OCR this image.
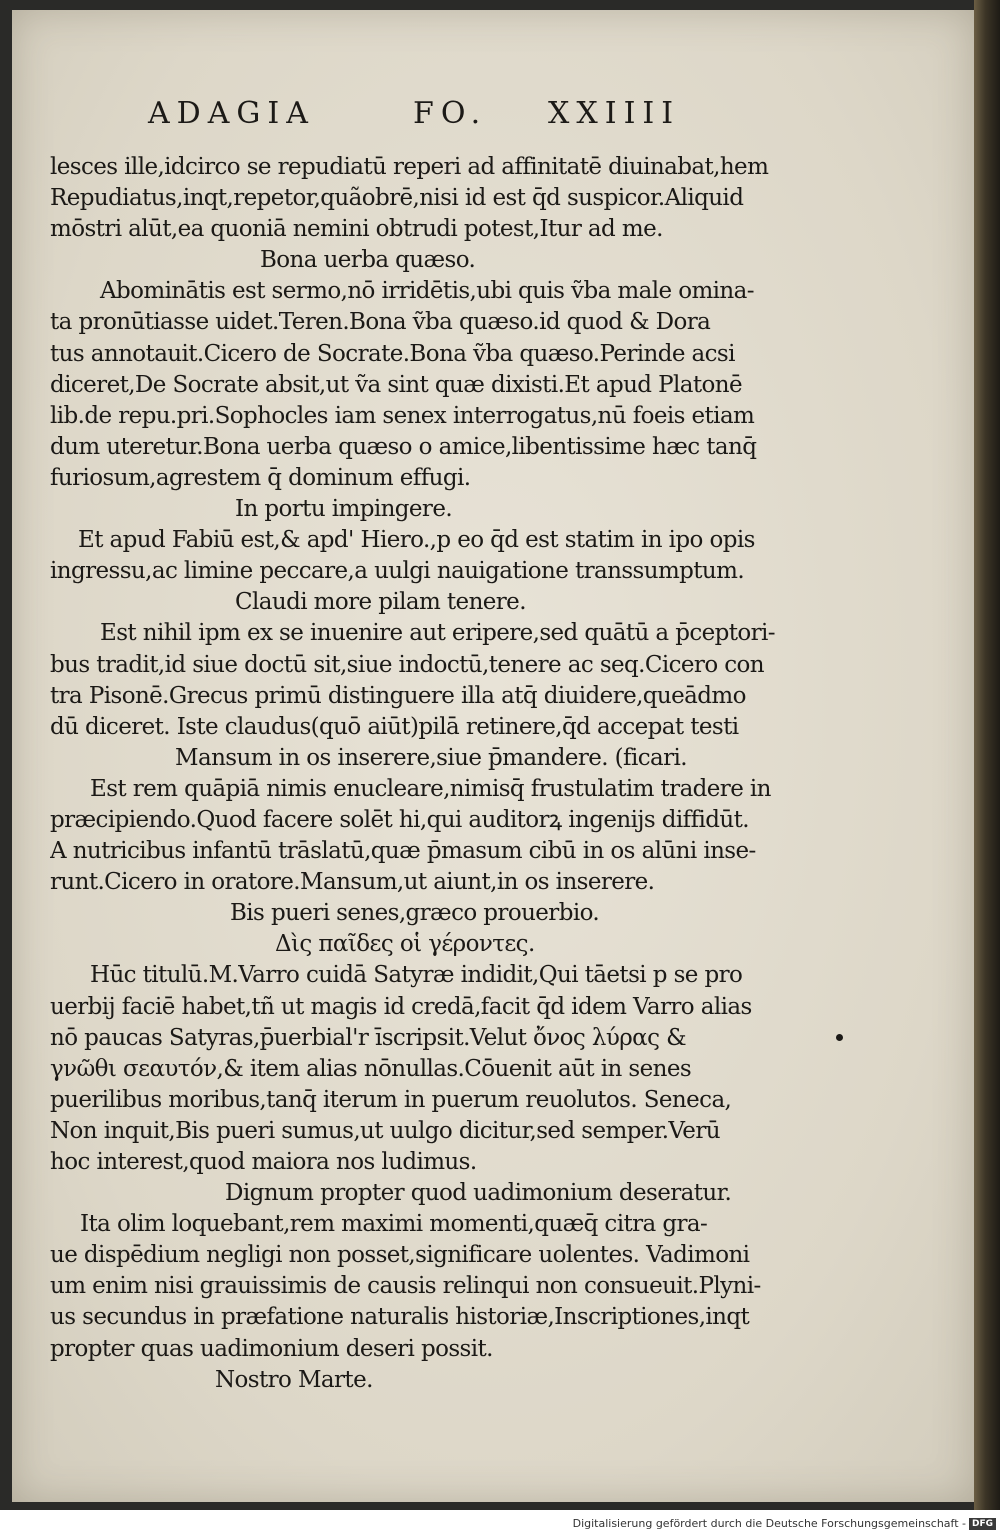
ADAGIA	FO. XXIIII
lesces ille,idcirco se repudiatū reperi ad affinitatē diuinabat,hem
Repudiatus,inqt,repetor,quãobrē,nisi id est q̄d suspicor.Aliquid
mōstri alūt,ea quoniā nemini obtrudi potest,Itur ad me.
Bona uerba quæso.
Abominātis est sermo,nō irridētis,ubi quis ṽba male omina-
ta pronūtiasse uidet.Teren.Bona ṽba quæso.id quod & Dora
tus annotauit.Cicero de Socrate.Bona ṽba quæso.Perinde acsi
diceret,De Socrate absit,ut ṽa sint quæ dixisti.Et apud Platonē
lib.de repu.pri.Sophocles iam senex interrogatus,nū foeis etiam
dum uteretur.Bona uerba quæso o amice,libentissime hæc tanq̄
furiosum,agrestem q̄ dominum effugi.
In portu impingere.
Et apud Fabiū est,& apd' Hiero.,p eo q̄d est statim in ipo opis
ingressu,ac limine peccare,a uulgi nauigatione transsumptum.
Claudi more pilam tenere.
Est nihil ipm ex se inuenire aut eripere,sed quātū a p̄ceptori-
bus tradit,id siue doctū sit,siue indoctū,tenere ac seq.Cicero con
tra Pisonē.Grecus primū distinguere illa atq̄ diuidere,queādmo
dū diceret. Iste claudus(quō aiūt)pilā retinere,q̄d accepat testi
Mansum in os inserere,siue p̄mandere. (ficari.
Est rem quāpiā nimis enucleare,nimisq̄ frustulatim tradere in
præcipiendo.Quod facere solēt hi,qui auditorꝝ ingenijs diffidūt.
A nutricibus infantū trāslatū,quæ p̄masum cibū in os alūni inse-
runt.Cicero in oratore.Mansum,ut aiunt,in os inserere.
Bis pueri senes,græco prouerbio.
Δὶς παῖδες οἱ γέροντες.
Hūc titulū.M.Varro cuidā Satyræ indidit,Qui tāetsi p se pro
uerbij faciē habet,tñ ut magis id credā,facit q̄d idem Varro alias
nō paucas Satyras,p̄uerbial'r īscripsit.Velut ὄνος λύρας &
γνῶθι σεαυτόν,& item alias nōnullas.Cōuenit aūt in senes
puerilibus moribus,tanq̄ iterum in puerum reuolutos. Seneca,
Non inquit,Bis pueri sumus,ut uulgo dicitur,sed semper.Verū
hoc interest,quod maiora nos ludimus.
Dignum propter quod uadimonium deseratur.
Ita olim loquebant,rem maximi momenti,quæq̄ citra gra-
ue dispēdium negligi non posset,significare uolentes. Vadimoni
um enim nisi grauissimis de causis relinqui non consueuit.Plyni-
us secundus in præfatione naturalis historiæ,Inscriptiones,inqt
propter quas uadimonium deseri possit.
Nostro Marte.
Digitalisierung gefördert durch die Deutsche Forschungsgemeinschaft - DFG
